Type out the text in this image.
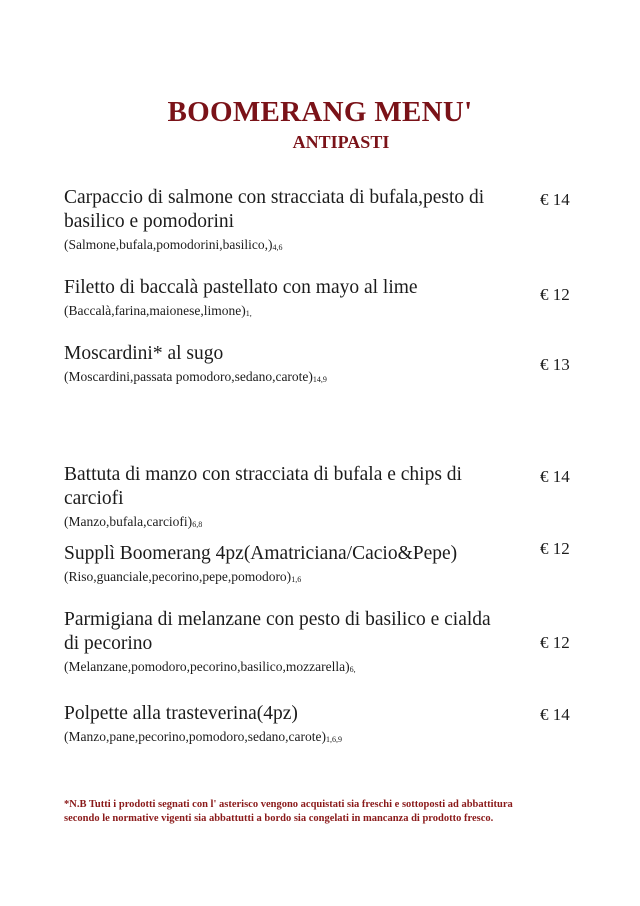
BOOMERANG MENU'
ANTIPASTI
Carpaccio di salmone con stracciata di bufala,pesto di basilico e pomodorini
$(Salmone,bufala,pomodorini,basilico,)_{4,6}$
€ 14
Filetto di baccalà pastellato con mayo al lime
$(Baccalà,farina,maionese,limone)_{1,}$
€ 12
Moscardini* al sugo
(Moscardini,passata $pomodoro,sedano,carote)_{14,9}$
€ 13
Battuta di manzo con stracciata di bufala e chips di carciofi
$(Manzo,bufala,carciofi)_{6,8}$
€ 14
Supplì Boomerang 4pz(Amatriciana/Cacio&Pepe)
$(Riso,guanciale,pecorino,pepe,pomodoro)_{1,6}$
€ 12
Parmigiana di melanzane con pesto di basilico e cialda di pecorino
$(Melanzane,pomodoro,pecorino,basilico,mozzarella)_{6,}$
€ 12
Polpette alla trasteverina(4pz)
$(Manzo,pane,pecorino,pomodoro,sedano,carote)_{1,6,9}$
€ 14
*N.B Tutti i prodotti segnati con l' asterisco vengono acquistati sia freschi e sottoposti ad abbattitura secondo le normative vigenti sia abbattutti a bordo sia congelati in mancanza di prodotto fresco.
